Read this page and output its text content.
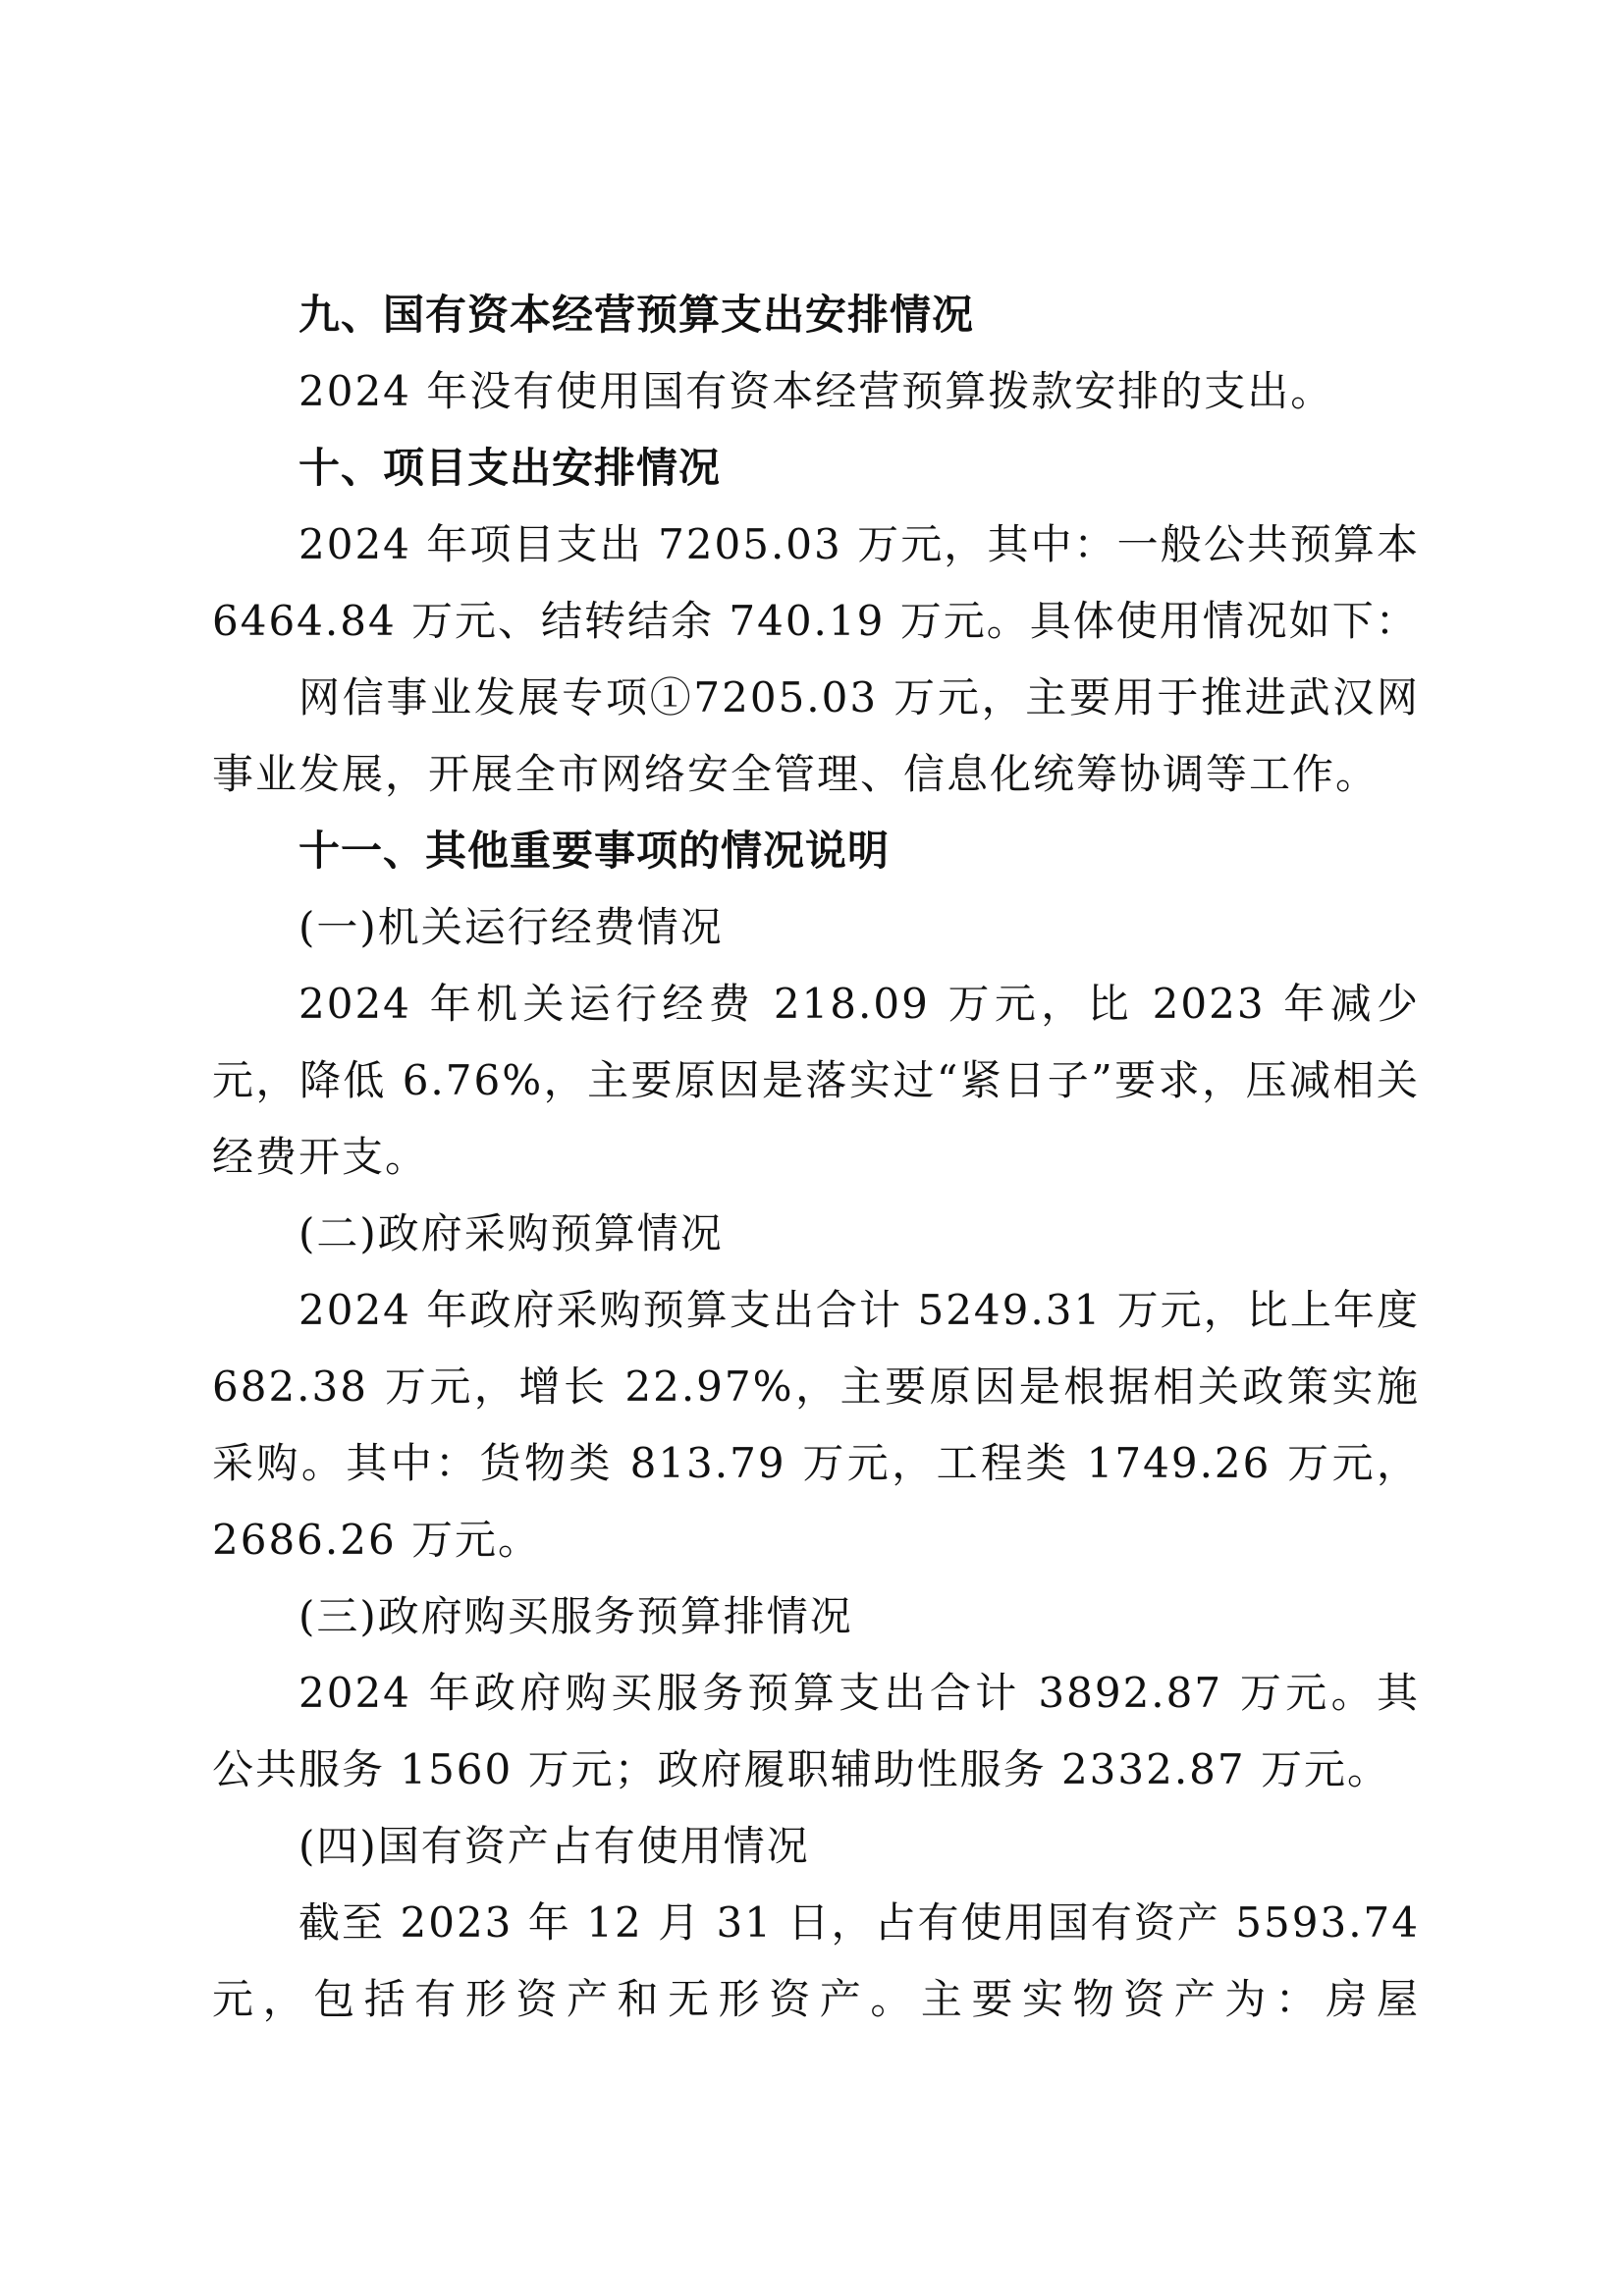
九、国有资本经营预算支出安排情况
2024 年没有使用国有资本经营预算拨款安排的支出。
十、项目支出安排情况
2024 年项目支出 7205.03 万元，其中：一般公共预算本
6464.84 万元、结转结余 740.19 万元。具体使用情况如下：
网信事业发展专项①7205.03 万元，主要用于推进武汉网
事业发展，开展全市网络安全管理、信息化统筹协调等工作。
十一、其他重要事项的情况说明
(一)机关运行经费情况
2024 年机关运行经费 218.09 万元，比 2023 年减少
元，降低 6.76%，主要原因是落实过“紧日子”要求，压减相关
经费开支。
(二)政府采购预算情况
2024 年政府采购预算支出合计 5249.31 万元，比上年度
682.38 万元，增长 22.97%，主要原因是根据相关政策实施
采购。其中：货物类 813.79 万元，工程类 1749.26 万元，
2686.26 万元。
(三)政府购买服务预算排情况
2024 年政府购买服务预算支出合计 3892.87 万元。其
公共服务 1560 万元；政府履职辅助性服务 2332.87 万元。
(四)国有资产占有使用情况
截至 2023 年 12 月 31 日，占有使用国有资产 5593.74
元，包括有形资产和无形资产。主要实物资产为：房屋
